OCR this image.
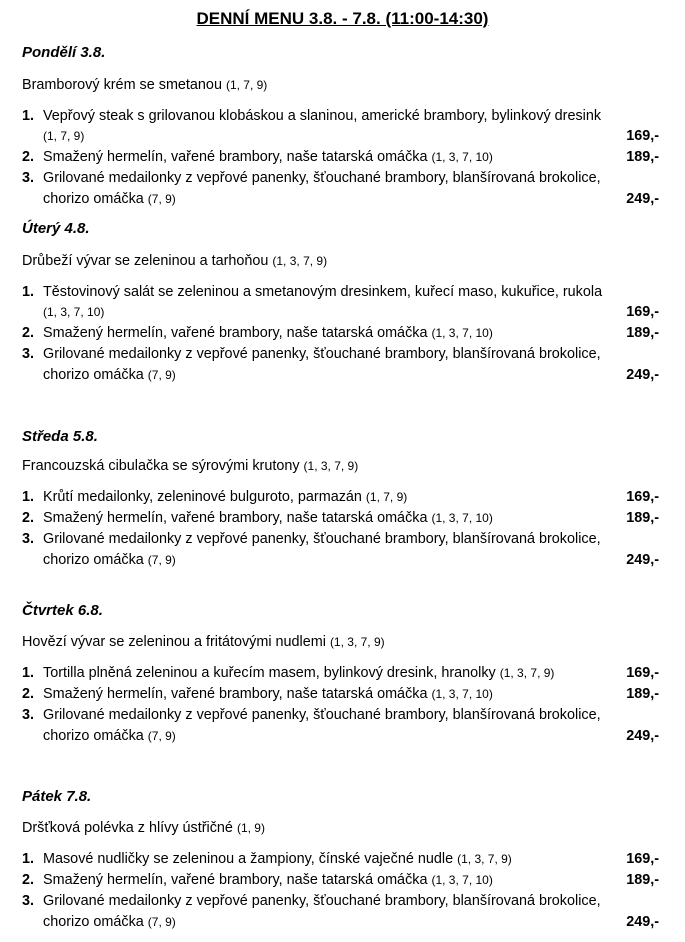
DENNÍ MENU 3.8. - 7.8. (11:00-14:30)
Pondělí 3.8.
Bramborový krém se smetanou (1, 7, 9)
1. Vepřový steak s grilovanou klobáskou a slaninou, americké brambory, bylinkový dresink
(1, 7, 9)	169,-
2. Smažený hermelín, vařené brambory, naše tatarská omáčka (1, 3, 7, 10)	189,-
3. Grilované medailonky z vepřové panenky, šťouchané brambory, blanšírovaná brokolice,
chorizo omáčka (7, 9)	249,-
Úterý 4.8.
Drůbeží vývar se zeleninou a tarhoňou (1, 3, 7, 9)
1. Těstovinový salát se zeleninou a smetanovým dresinkem, kuřecí maso, kukuřice, rukola
(1, 3, 7, 10)	169,-
2. Smažený hermelín, vařené brambory, naše tatarská omáčka (1, 3, 7, 10)	189,-
3. Grilované medailonky z vepřové panenky, šťouchané brambory, blanšírovaná brokolice,
chorizo omáčka (7, 9)	249,-
Středa 5.8.
Francouzská cibulačka se sýrovými krutony (1, 3, 7, 9)
1. Krůtí medailonky, zeleninové bulguroto, parmazán (1, 7, 9)	169,-
2. Smažený hermelín, vařené brambory, naše tatarská omáčka (1, 3, 7, 10)	189,-
3. Grilované medailonky z vepřové panenky, šťouchané brambory, blanšírovaná brokolice,
chorizo omáčka (7, 9)	249,-
Čtvrtek 6.8.
Hovězí vývar se zeleninou a fritátovými nudlemi (1, 3, 7, 9)
1. Tortilla plněná zeleninou a kuřecím masem, bylinkový dresink, hranolky (1, 3, 7, 9)	169,-
2. Smažený hermelín, vařené brambory, naše tatarská omáčka (1, 3, 7, 10)	189,-
3. Grilované medailonky z vepřové panenky, šťouchané brambory, blanšírovaná brokolice,
chorizo omáčka (7, 9)	249,-
Pátek 7.8.
Dršťková polévka z hlívy ústřičné (1, 9)
1. Masové nudličky se zeleninou a žampiony, čínské vaječné nudle (1, 3, 7, 9)	169,-
2. Smažený hermelín, vařené brambory, naše tatarská omáčka (1, 3, 7, 10)	189,-
3. Grilované medailonky z vepřové panenky, šťouchané brambory, blanšírovaná brokolice,
chorizo omáčka (7, 9)	249,-
